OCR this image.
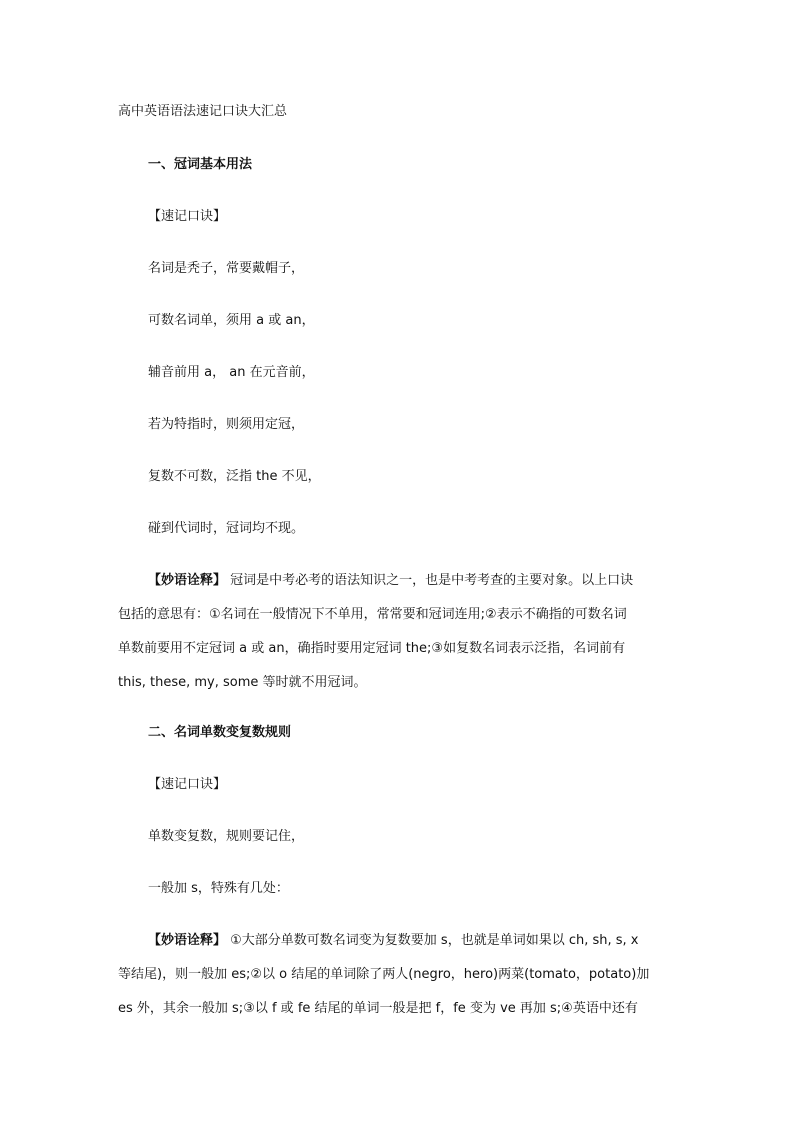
高中英语语法速记口诀大汇总
一、冠词基本用法
【速记口诀】
名词是秃子，常要戴帽子，
可数名词单，须用 a 或 an，
辅音前用 a， an 在元音前，
若为特指时，则须用定冠，
复数不可数，泛指 the 不见，
碰到代词时，冠词均不现。
【妙语诠释】 冠词是中考必考的语法知识之一，也是中考考查的主要对象。以上口诀
包括的意思有：①名词在一般情况下不单用，常常要和冠词连用;②表示不确指的可数名词
单数前要用不定冠词 a 或 an，确指时要用定冠词 the;③如复数名词表示泛指，名词前有
this, these, my, some 等时就不用冠词。
二、名词单数变复数规则
【速记口诀】
单数变复数，规则要记住，
一般加 s，特殊有几处：
【妙语诠释】 ①大部分单数可数名词变为复数要加 s，也就是单词如果以 ch, sh, s, x
等结尾)，则一般加 es;②以 o 结尾的单词除了两人(negro，hero)两菜(tomato，potato)加
es 外，其余一般加 s;③以 f 或 fe 结尾的单词一般是把 f，fe 变为 ve 再加 s;④英语中还有
